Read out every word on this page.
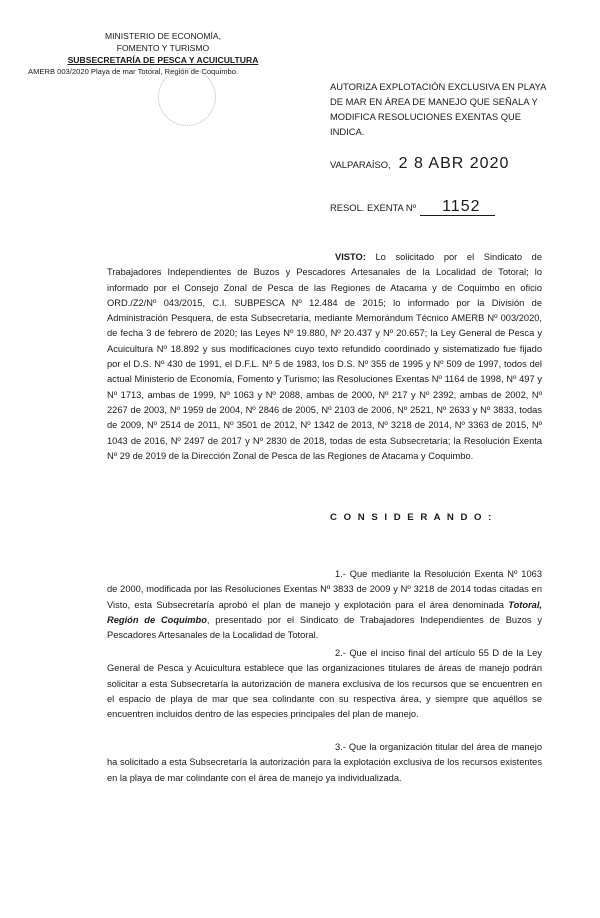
MINISTERIO DE ECONOMÍA,
FOMENTO Y TURISMO
SUBSECRETARÍA DE PESCA Y ACUICULTURA
AMERB 003/2020 Playa de mar Totoral, Región de Coquimbo.
AUTORIZA EXPLOTACIÓN EXCLUSIVA EN PLAYA DE MAR EN ÁREA DE MANEJO QUE SEÑALA Y MODIFICA RESOLUCIONES EXENTAS QUE INDICA.
VALPARAÍSO, 2 8 ABR 2020
RESOL. EXENTA Nº 1152
VISTO: Lo solicitado por el Sindicato de Trabajadores Independientes de Buzos y Pescadores Artesanales de la Localidad de Totoral; lo informado por el Consejo Zonal de Pesca de las Regiones de Atacama y de Coquimbo en oficio ORD./Z2/Nº 043/2015, C.I. SUBPESCA Nº 12.484 de 2015; lo informado por la División de Administración Pesquera, de esta Subsecretaría, mediante Memorándum Técnico AMERB Nº 003/2020, de fecha 3 de febrero de 2020; las Leyes Nº 19.880, Nº 20.437 y Nº 20.657; la Ley General de Pesca y Acuicultura Nº 18.892 y sus modificaciones cuyo texto refundido coordinado y sistematizado fue fijado por el D.S. Nº 430 de 1991, el D.F.L. Nº 5 de 1983, los D.S. Nº 355 de 1995 y Nº 509 de 1997, todos del actual Ministerio de Economía, Fomento y Turismo; las Resoluciones Exentas Nº 1164 de 1998, Nº 497 y Nº 1713, ambas de 1999, Nº 1063 y Nº 2088, ambas de 2000, Nº 217 y Nº 2392, ambas de 2002, Nº 2267 de 2003, Nº 1959 de 2004, Nº 2846 de 2005, Nº 2103 de 2006, Nº 2521, Nº 2633 y Nº 3833, todas de 2009, Nº 2514 de 2011, Nº 3501 de 2012, Nº 1342 de 2013, Nº 3218 de 2014, Nº 3363 de 2015, Nº 1043 de 2016, Nº 2497 de 2017 y Nº 2830 de 2018, todas de esta Subsecretaría; la Resolución Exenta Nº 29 de 2019 de la Dirección Zonal de Pesca de las Regiones de Atacama y Coquimbo.
C O N S I D E R A N D O :
1.- Que mediante la Resolución Exenta Nº 1063 de 2000, modificada por las Resoluciones Exentas Nº 3833 de 2009 y Nº 3218 de 2014 todas citadas en Visto, esta Subsecretaría aprobó el plan de manejo y explotación para el área denominada Totoral, Región de Coquimbo, presentado por el Sindicato de Trabajadores Independientes de Buzos y Pescadores Artesanales de la Localidad de Totoral.
2.- Que el inciso final del artículo 55 D de la Ley General de Pesca y Acuicultura establece que las organizaciones titulares de áreas de manejo podrán solicitar a esta Subsecretaría la autorización de manera exclusiva de los recursos que se encuentren en el espacio de playa de mar que sea colindante con su respectiva área, y siempre que aquéllos se encuentren incluidos dentro de las especies principales del plan de manejo.
3.- Que la organización titular del área de manejo ha solicitado a esta Subsecretaría la autorización para la explotación exclusiva de los recursos existentes en la playa de mar colindante con el área de manejo ya individualizada.
